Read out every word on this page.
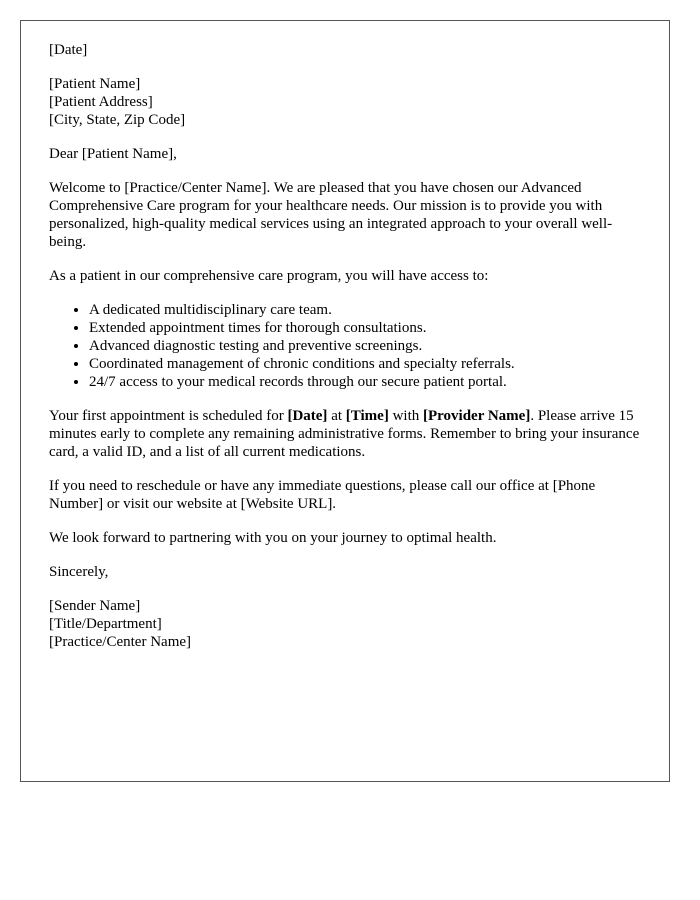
[Date]

[Patient Name]
[Patient Address]
[City, State, Zip Code]

Dear [Patient Name],

Welcome to [Practice/Center Name]. We are pleased that you have chosen our Advanced Comprehensive Care program for your healthcare needs. Our mission is to provide you with personalized, high-quality medical services using an integrated approach to your overall well-being.

As a patient in our comprehensive care program, you will have access to:

• A dedicated multidisciplinary care team.
• Extended appointment times for thorough consultations.
• Advanced diagnostic testing and preventive screenings.
• Coordinated management of chronic conditions and specialty referrals.
• 24/7 access to your medical records through our secure patient portal.

Your first appointment is scheduled for [Date] at [Time] with [Provider Name]. Please arrive 15 minutes early to complete any remaining administrative forms. Remember to bring your insurance card, a valid ID, and a list of all current medications.

If you need to reschedule or have any immediate questions, please call our office at [Phone Number] or visit our website at [Website URL].

We look forward to partnering with you on your journey to optimal health.

Sincerely,

[Sender Name]
[Title/Department]
[Practice/Center Name]
